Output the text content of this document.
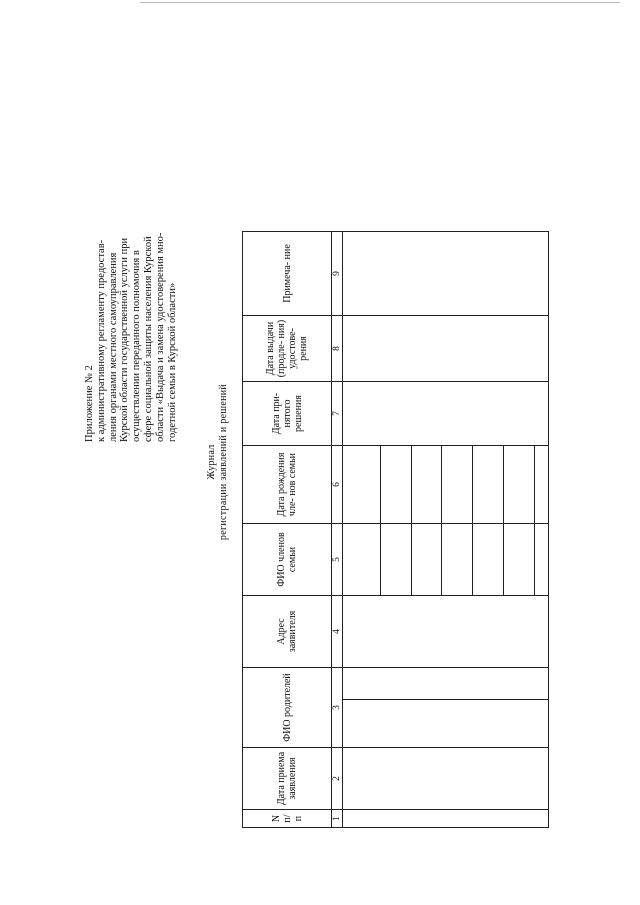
Приложение № 2 к административному регламенту предостав- ления органами местного самоуправления Курской области государственной услуги при осуществлении переданного полномочия в сфере социальной защиты населения Курской области «Выдача и замена удостоверения мно- годетной семьи в Курской области»
Журнал регистрации заявлений и решений
N п/п	Дата приема заявления	ФИО родителей	Адрес заявителя	ФИО членов семьи	Дата рождения чле- нов семьи	Дата при- нятого решения	Дата выдачи (продле- ния) удостове- рения	Примеча- ние
1	2	3	4	5	6	7	8	9
